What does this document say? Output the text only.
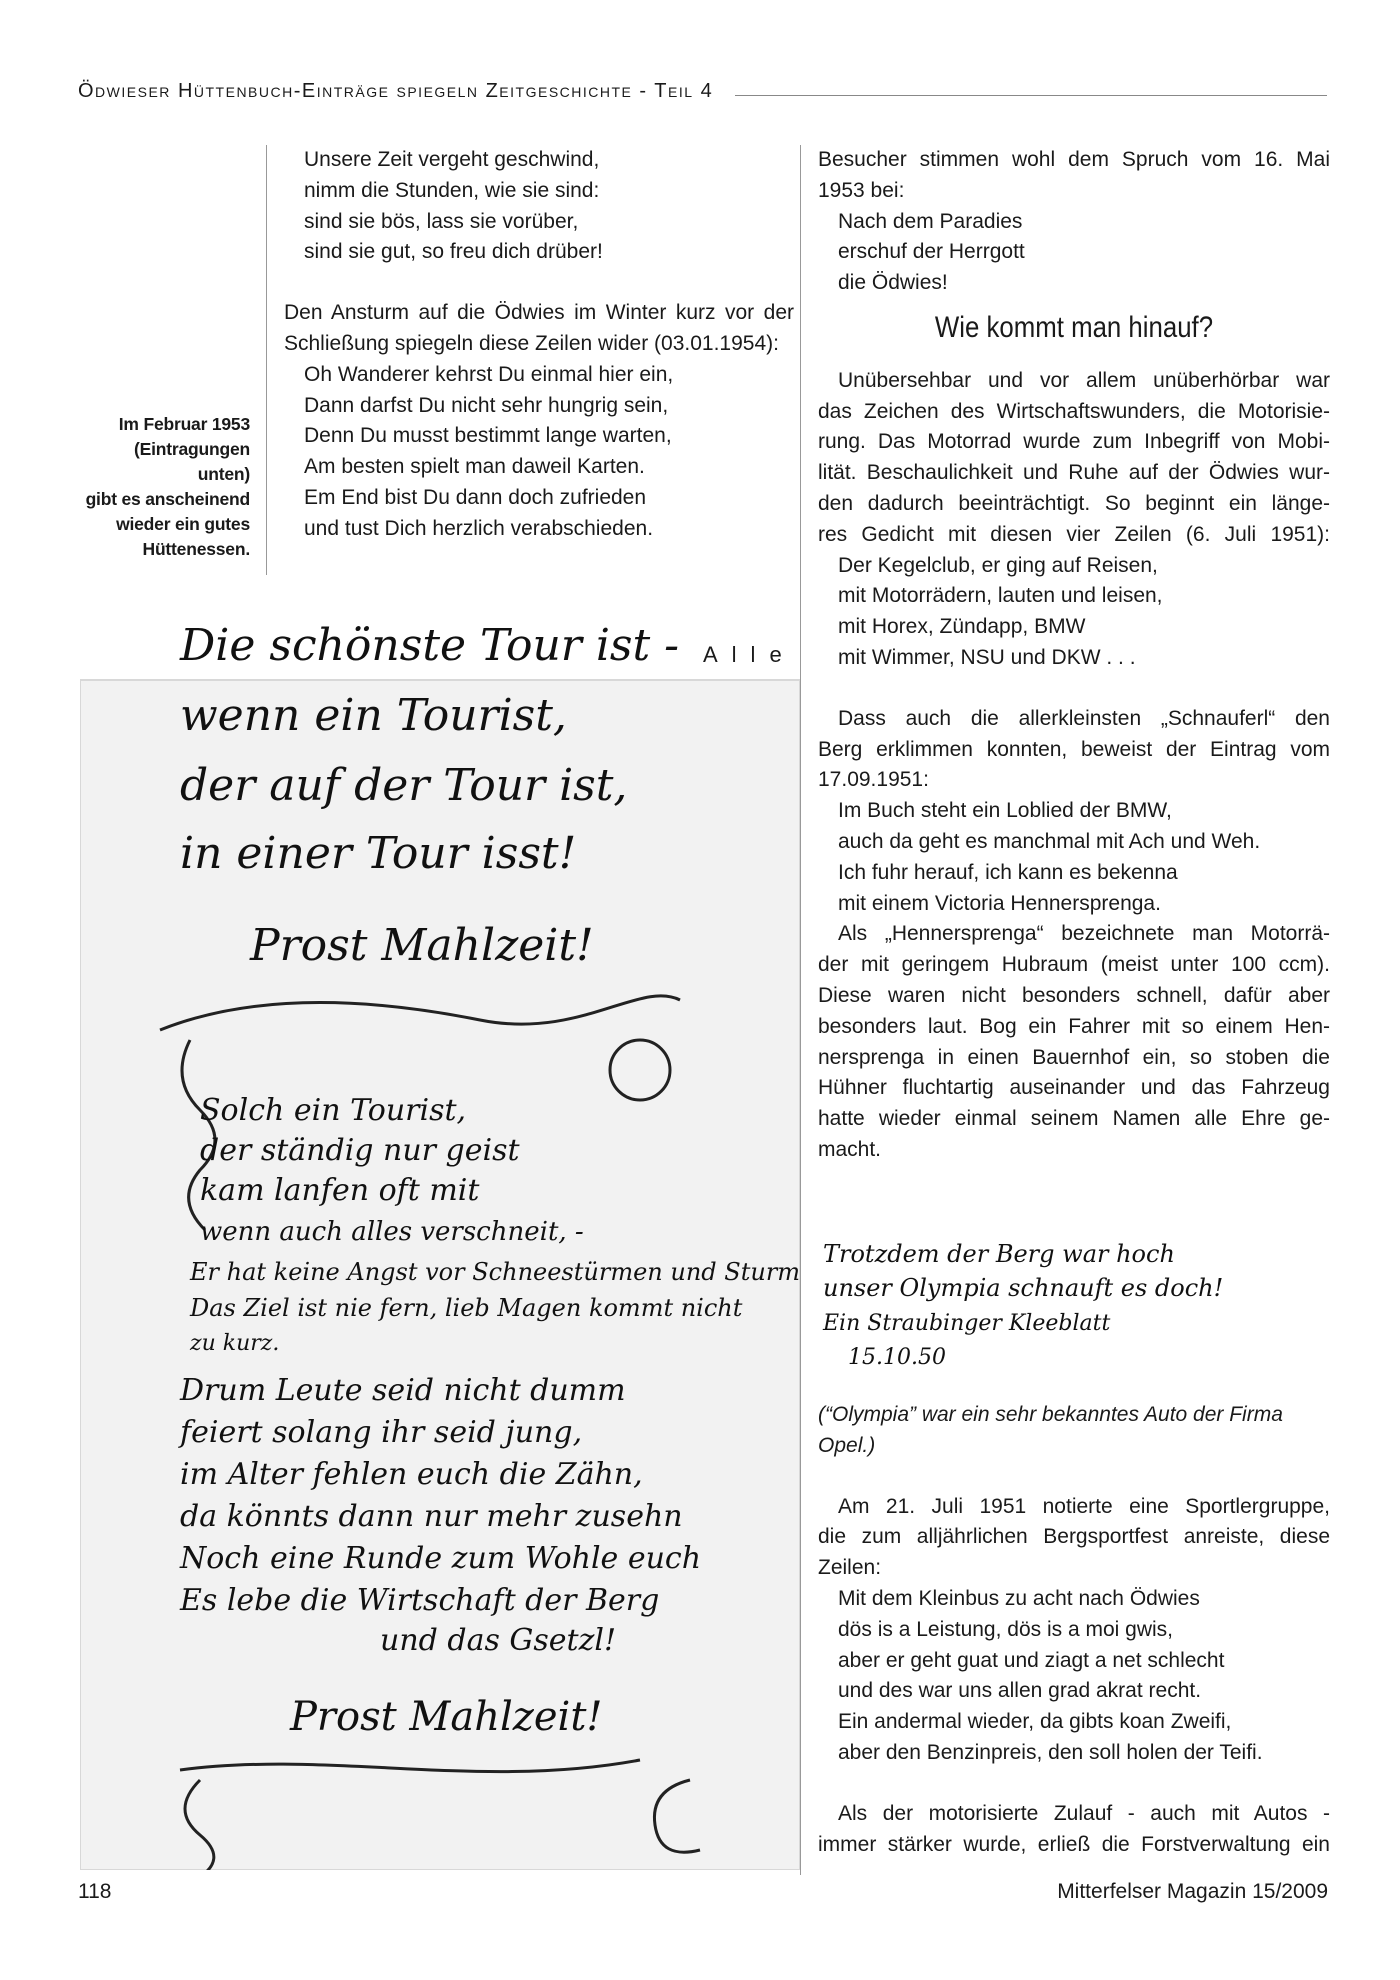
Ödwieser Hüttenbuch-Einträge spiegeln Zeitgeschichte - Teil 4
Im Februar 1953
(Eintragungen
unten)
gibt es anscheinend
wieder ein gutes
Hüttenessen.
Unsere Zeit vergeht geschwind,
nimm die Stunden, wie sie sind:
sind sie bös, lass sie vorüber,
sind sie gut, so freu dich drüber!
Den Ansturm auf die Ödwies im Winter kurz vor der
Schließung spiegeln diese Zeilen wider (03.01.1954):
Oh Wanderer kehrst Du einmal hier ein,
Dann darfst Du nicht sehr hungrig sein,
Denn Du musst bestimmt lange warten,
Am besten spielt man daweil Karten.
Em End bist Du dann doch zufrieden
und tust Dich herzlich verabschieden.
Alle
Die schönste Tour ist -
wenn ein Tourist,
der auf der Tour ist,
in einer Tour isst!
Prost Mahlzeit!
Solch ein Tourist,
der ständig nur geist
kam lanfen oft mit
wenn auch alles verschneit, -
Er hat keine Angst vor Schneestürmen und Sturm
Das Ziel ist nie fern, lieb Magen kommt nicht
zu kurz.
Drum Leute seid nicht dumm
feiert solang ihr seid jung,
im Alter fehlen euch die Zähn,
da könnts dann nur mehr zusehn
Noch eine Runde zum Wohle euch
Es lebe die Wirtschaft der Berg
und das Gsetzl!
Prost Mahlzeit!
Besucher stimmen wohl dem Spruch vom 16. Mai
1953 bei:
Nach dem Paradies
erschuf der Herrgott
die Ödwies!
Wie kommt man hinauf?
Unübersehbar und vor allem unüberhörbar war
das Zeichen des Wirtschaftswunders, die Motorisie-
rung. Das Motorrad wurde zum Inbegriff von Mobi-
lität. Beschaulichkeit und Ruhe auf der Ödwies wur-
den dadurch beeinträchtigt. So beginnt ein länge-
res Gedicht mit diesen vier Zeilen (6. Juli 1951):
Der Kegelclub, er ging auf Reisen,
mit Motorrädern, lauten und leisen,
mit Horex, Zündapp, BMW
mit Wimmer, NSU und DKW . . .
Dass auch die allerkleinsten „Schnauferl“ den
Berg erklimmen konnten, beweist der Eintrag vom
17.09.1951:
Im Buch steht ein Loblied der BMW,
auch da geht es manchmal mit Ach und Weh.
Ich fuhr herauf, ich kann es bekenna
mit einem Victoria Hennersprenga.
Als „Hennersprenga“ bezeichnete man Motorrä-
der mit geringem Hubraum (meist unter 100 ccm).
Diese waren nicht besonders schnell, dafür aber
besonders laut. Bog ein Fahrer mit so einem Hen-
nersprenga in einen Bauernhof ein, so stoben die
Hühner fluchtartig auseinander und das Fahrzeug
hatte wieder einmal seinem Namen alle Ehre ge-
macht.
Trotzdem der Berg war hoch
unser Olympia schnauft es doch!
Ein Straubinger Kleeblatt
15.10.50
(“Olympia” war ein sehr bekanntes Auto der Firma
Opel.)
Am 21. Juli 1951 notierte eine Sportlergruppe,
die zum alljährlichen Bergsportfest anreiste, diese
Zeilen:
Mit dem Kleinbus zu acht nach Ödwies
dös is a Leistung, dös is a moi gwis,
aber er geht guat und ziagt a net schlecht
und des war uns allen grad akrat recht.
Ein andermal wieder, da gibts koan Zweifi,
aber den Benzinpreis, den soll holen der Teifi.
Als der motorisierte Zulauf - auch mit Autos -
immer stärker wurde, erließ die Forstverwaltung ein
118	Mitterfelser Magazin 15/2009
